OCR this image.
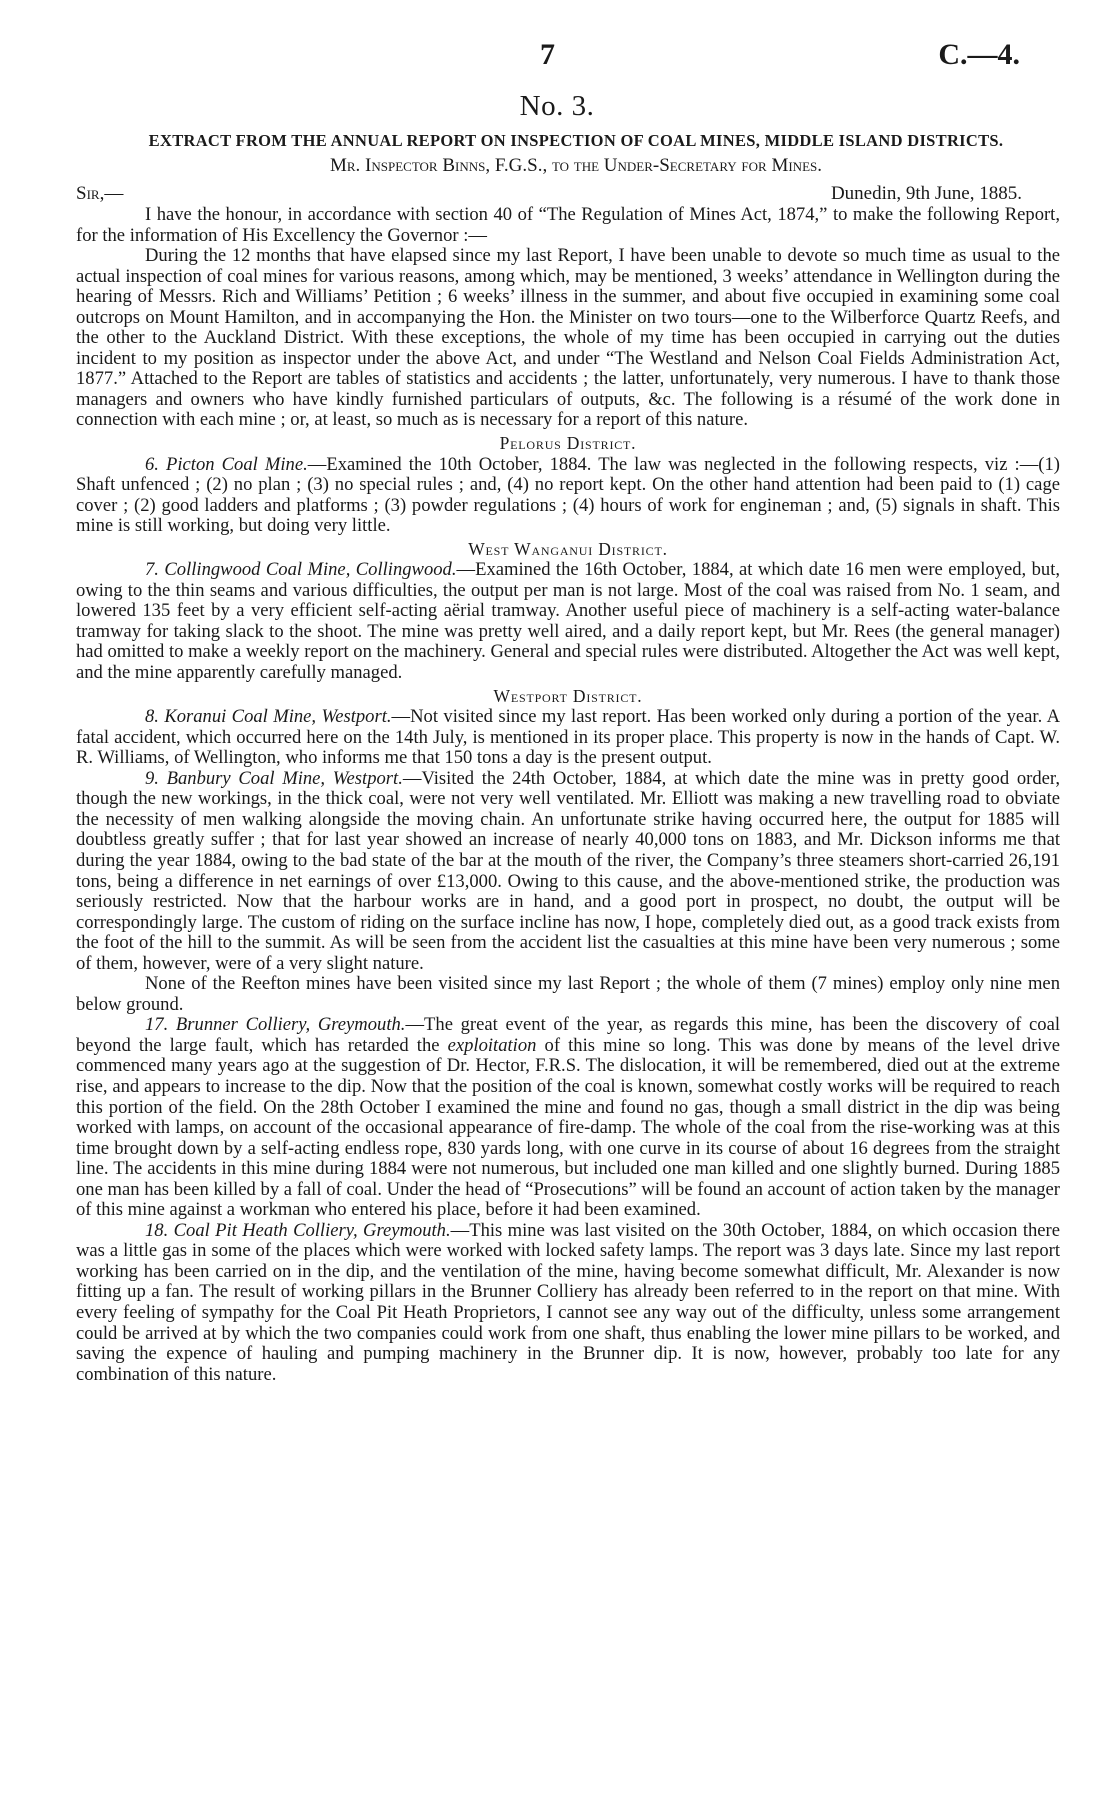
7	C.—4.
No. 3.
EXTRACT FROM THE ANNUAL REPORT ON INSPECTION OF COAL MINES, MIDDLE ISLAND DISTRICTS.
Mr. Inspector Binns, F.G.S., to the Under-Secretary for Mines.
Sir,—	Dunedin, 9th June, 1885.

I have the honour, in accordance with section 40 of “The Regulation of Mines Act, 1874,” to make the following Report, for the information of His Excellency the Governor :—

During the 12 months that have elapsed since my last Report, I have been unable to devote so much time as usual to the actual inspection of coal mines for various reasons, among which, may be mentioned, 3 weeks’ attendance in Wellington during the hearing of Messrs. Rich and Williams’ Petition ; 6 weeks’ illness in the summer, and about five occupied in examining some coal outcrops on Mount Hamilton, and in accompanying the Hon. the Minister on two tours—one to the Wilberforce Quartz Reefs, and the other to the Auckland District. With these exceptions, the whole of my time has been occupied in carrying out the duties incident to my position as inspector under the above Act, and under “The Westland and Nelson Coal Fields Administration Act, 1877.” Attached to the Report are tables of statistics and accidents ; the latter, unfortunately, very numerous. I have to thank those managers and owners who have kindly furnished particulars of outputs, &c. The following is a résumé of the work done in connection with each mine ; or, at least, so much as is necessary for a report of this nature.

Pelorus District.

6. Picton Coal Mine.—Examined the 10th October, 1884. The law was neglected in the following respects, viz :—(1) Shaft unfenced ; (2) no plan ; (3) no special rules ; and, (4) no report kept. On the other hand attention had been paid to (1) cage cover ; (2) good ladders and platforms ; (3) powder regulations ; (4) hours of work for engineman ; and, (5) signals in shaft. This mine is still working, but doing very little.

West Wanganui District.

7. Collingwood Coal Mine, Collingwood.—Examined the 16th October, 1884, at which date 16 men were employed, but, owing to the thin seams and various difficulties, the output per man is not large. Most of the coal was raised from No. 1 seam, and lowered 135 feet by a very efficient self-acting aërial tramway. Another useful piece of machinery is a self-acting water-balance tramway for taking slack to the shoot. The mine was pretty well aired, and a daily report kept, but Mr. Rees (the general manager) had omitted to make a weekly report on the machinery. General and special rules were distributed. Altogether the Act was well kept, and the mine apparently carefully managed.

Westport District.

8. Koranui Coal Mine, Westport.—Not visited since my last report. Has been worked only during a portion of the year. A fatal accident, which occurred here on the 14th July, is mentioned in its proper place. This property is now in the hands of Capt. W. R. Williams, of Wellington, who informs me that 150 tons a day is the present output.

9. Banbury Coal Mine, Westport.—Visited the 24th October, 1884, at which date the mine was in pretty good order, though the new workings, in the thick coal, were not very well ventilated. Mr. Elliott was making a new travelling road to obviate the necessity of men walking alongside the moving chain. An unfortunate strike having occurred here, the output for 1885 will doubtless greatly suffer ; that for last year showed an increase of nearly 40,000 tons on 1883, and Mr. Dickson informs me that during the year 1884, owing to the bad state of the bar at the mouth of the river, the Company’s three steamers short-carried 26,191 tons, being a difference in net earnings of over £13,000. Owing to this cause, and the above-mentioned strike, the production was seriously restricted. Now that the harbour works are in hand, and a good port in prospect, no doubt, the output will be correspondingly large. The custom of riding on the surface incline has now, I hope, completely died out, as a good track exists from the foot of the hill to the summit. As will be seen from the accident list the casualties at this mine have been very numerous ; some of them, however, were of a very slight nature.

None of the Reefton mines have been visited since my last Report ; the whole of them (7 mines) employ only nine men below ground.

17. Brunner Colliery, Greymouth.—The great event of the year, as regards this mine, has been the discovery of coal beyond the large fault, which has retarded the exploitation of this mine so long. This was done by means of the level drive commenced many years ago at the suggestion of Dr. Hector, F.R.S. The dislocation, it will be remembered, died out at the extreme rise, and appears to increase to the dip. Now that the position of the coal is known, somewhat costly works will be required to reach this portion of the field. On the 28th October I examined the mine and found no gas, though a small district in the dip was being worked with lamps, on account of the occasional appearance of fire-damp. The whole of the coal from the rise-working was at this time brought down by a self-acting endless rope, 830 yards long, with one curve in its course of about 16 degrees from the straight line. The accidents in this mine during 1884 were not numerous, but included one man killed and one slightly burned. During 1885 one man has been killed by a fall of coal. Under the head of “Prosecutions” will be found an account of action taken by the manager of this mine against a workman who entered his place, before it had been examined.

18. Coal Pit Heath Colliery, Greymouth.—This mine was last visited on the 30th October, 1884, on which occasion there was a little gas in some of the places which were worked with locked safety lamps. The report was 3 days late. Since my last report working has been carried on in the dip, and the ventilation of the mine, having become somewhat difficult, Mr. Alexander is now fitting up a fan. The result of working pillars in the Brunner Colliery has already been referred to in the report on that mine. With every feeling of sympathy for the Coal Pit Heath Proprietors, I cannot see any way out of the difficulty, unless some arrangement could be arrived at by which the two companies could work from one shaft, thus enabling the lower mine pillars to be worked, and saving the expence of hauling and pumping machinery in the Brunner dip. It is now, however, probably too late for any combination of this nature.
